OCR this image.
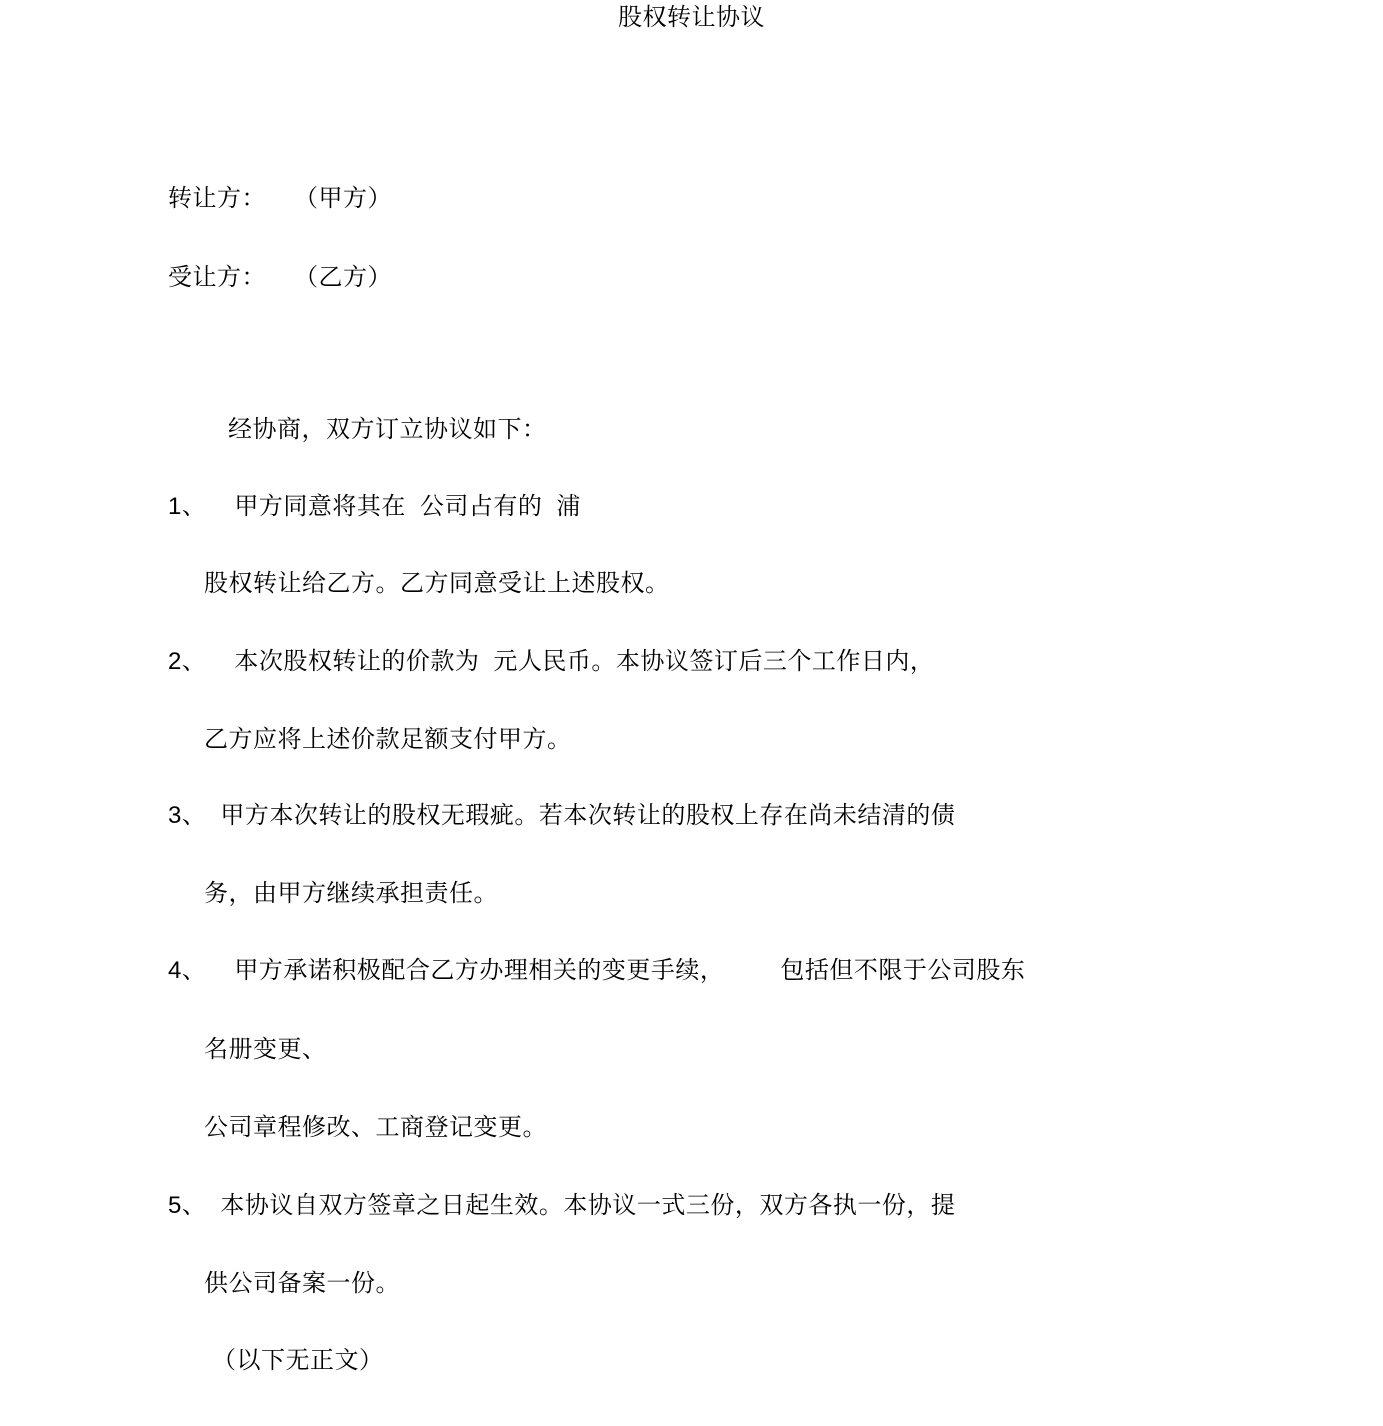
股权转让协议
转让方： （甲方）
受让方： （乙方）
经协商，双方订立协议如下：
1、 甲方同意将其在 公司占有的 浦
股权转让给乙方。乙方同意受让上述股权。
2、 本次股权转让的价款为 元人民币。本协议签订后三个工作日内，
乙方应将上述价款足额支付甲方。
3、 甲方本次转让的股权无瑕疵。若本次转让的股权上存在尚未结清的债
务，由甲方继续承担责任。
4、 甲方承诺积极配合乙方办理相关的变更手续， 包括但不限于公司股东
名册变更、
公司章程修改、工商登记变更。
5、 本协议自双方签章之日起生效。本协议一式三份，双方各执一份，提
供公司备案一份。
（以下无正文）
